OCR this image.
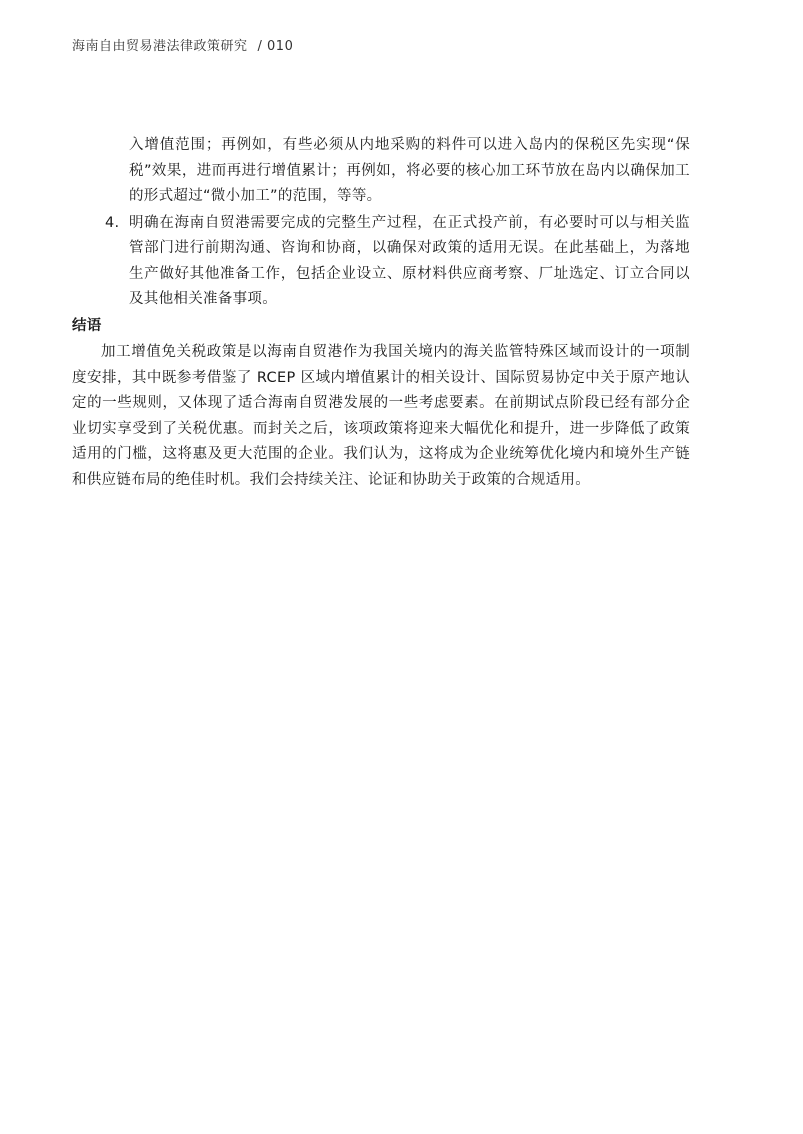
海南自由贸易港法律政策研究 / 010

入增值范围；再例如，有些必须从内地采购的料件可以进入岛内的保税区先实现“保税”效果，进而再进行增值累计；再例如，将必要的核心加工环节放在岛内以确保加工的形式超过“微小加工”的范围，等等。

4. 明确在海南自贸港需要完成的完整生产过程，在正式投产前，有必要时可以与相关监管部门进行前期沟通、咨询和协商，以确保对政策的适用无误。在此基础上，为落地生产做好其他准备工作，包括企业设立、原材料供应商考察、厂址选定、订立合同以及其他相关准备事项。
结语

加工增值免关税政策是以海南自贸港作为我国关境内的海关监管特殊区域而设计的一项制度安排，其中既参考借鉴了 RCEP 区域内增值累计的相关设计、国际贸易协定中关于原产地认定的一些规则，又体现了适合海南自贸港发展的一些考虑要素。在前期试点阶段已经有部分企业切实享受到了关税优惠。而封关之后，该项政策将迎来大幅优化和提升，进一步降低了政策适用的门槛，这将惠及更大范围的企业。我们认为，这将成为企业统筹优化境内和境外生产链和供应链布局的绝佳时机。我们会持续关注、论证和协助关于政策的合规适用。
